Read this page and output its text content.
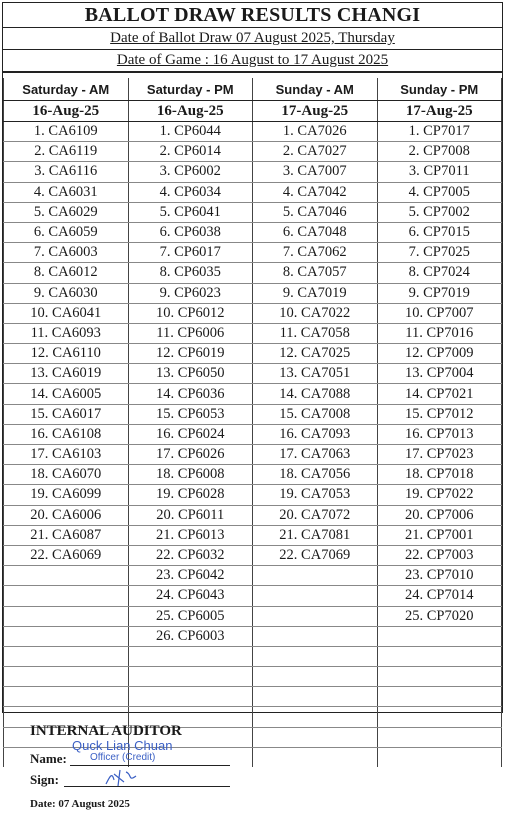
BALLOT DRAW RESULTS CHANGI
Date of Ballot Draw 07 August 2025, Thursday
Date of Game : 16 August to 17 August 2025
Saturday - AM	Saturday - PM	Sunday - AM	Sunday - PM
16-Aug-25	16-Aug-25	17-Aug-25	17-Aug-25
1. CA6109	1. CP6044	1. CA7026	1. CP7017
2. CA6119	2. CP6014	2. CA7027	2. CP7008
3. CA6116	3. CP6002	3. CA7007	3. CP7011
4. CA6031	4. CP6034	4. CA7042	4. CP7005
5. CA6029	5. CP6041	5. CA7046	5. CP7002
6. CA6059	6. CP6038	6. CA7048	6. CP7015
7. CA6003	7. CP6017	7. CA7062	7. CP7025
8. CA6012	8. CP6035	8. CA7057	8. CP7024
9. CA6030	9. CP6023	9. CA7019	9. CP7019
10. CA6041	10. CP6012	10. CA7022	10. CP7007
11. CA6093	11. CP6006	11. CA7058	11. CP7016
12. CA6110	12. CP6019	12. CA7025	12. CP7009
13. CA6019	13. CP6050	13. CA7051	13. CP7004
14. CA6005	14. CP6036	14. CA7088	14. CP7021
15. CA6017	15. CP6053	15. CA7008	15. CP7012
16. CA6108	16. CP6024	16. CA7093	16. CP7013
17. CA6103	17. CP6026	17. CA7063	17. CP7023
18. CA6070	18. CP6008	18. CA7056	18. CP7018
19. CA6099	19. CP6028	19. CA7053	19. CP7022
20. CA6006	20. CP6011	20. CA7072	20. CP7006
21. CA6087	21. CP6013	21. CA7081	21. CP7001
22. CA6069	22. CP6032	22. CA7069	22. CP7003
	23. CP6042		23. CP7010
	24. CP6043		24. CP7014
	25. CP6005		25. CP7020
	26. CP6003		

INTERNAL AUDITOR
Quck Lian Chuan
Name: Officer (Credit)
Sign:
Date: 07 August 2025
